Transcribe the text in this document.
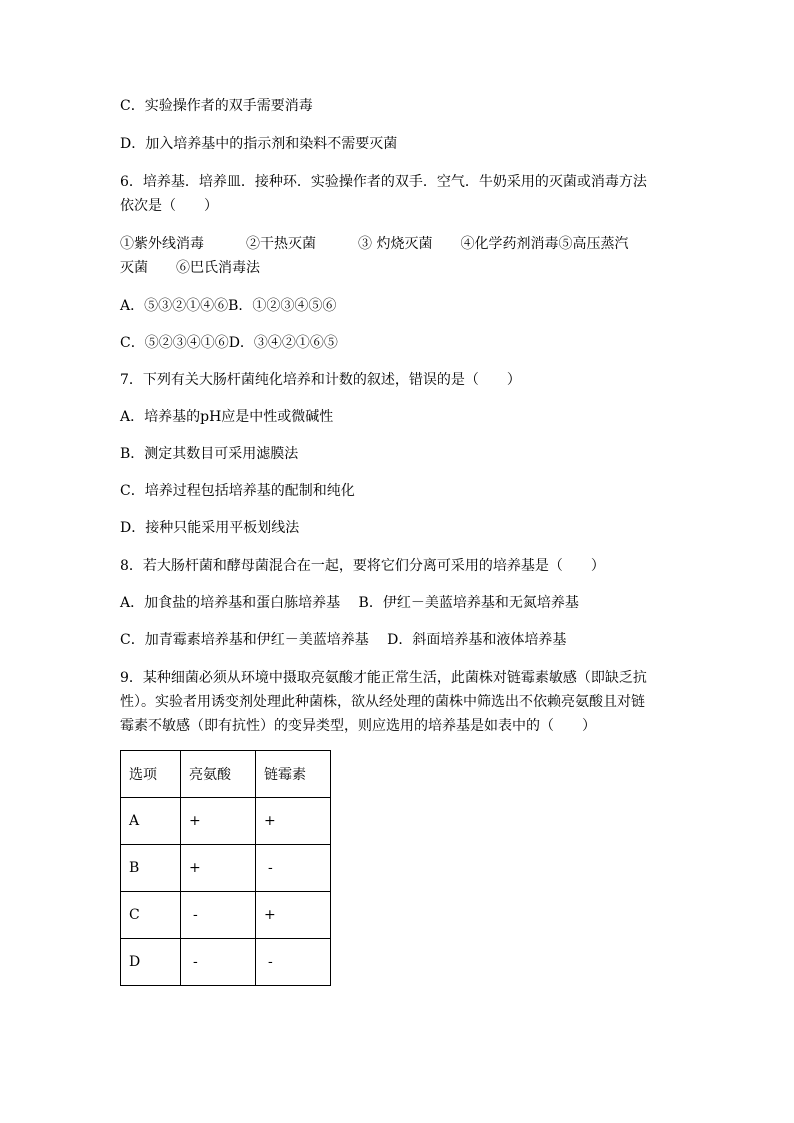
C．实验操作者的双手需要消毒
D．加入培养基中的指示剂和染料不需要灭菌
6．培养基．培养皿．接种环．实验操作者的双手．空气．牛奶采用的灭菌或消毒方法
依次是（　　）
①紫外线消毒　　　②干热灭菌　　　③ 灼烧灭菌　　④化学药剂消毒⑤高压蒸汽
灭菌　　⑥巴氏消毒法
A．⑤③②①④⑥B．①②③④⑤⑥
C．⑤②③④①⑥D．③④②①⑥⑤
7．下列有关大肠杆菌纯化培养和计数的叙述，错误的是（　　）
A．培养基的pH应是中性或微碱性
B．测定其数目可采用滤膜法
C．培养过程包括培养基的配制和纯化
D．接种只能采用平板划线法
8．若大肠杆菌和酵母菌混合在一起，要将它们分离可采用的培养基是（　　）
A．加食盐的培养基和蛋白胨培养基　 B．伊红－美蓝培养基和无氮培养基
C．加青霉素培养基和伊红－美蓝培养基　 D．斜面培养基和液体培养基
9．某种细菌必须从环境中摄取亮氨酸才能正常生活，此菌株对链霉素敏感（即缺乏抗
性）。实验者用诱变剂处理此种菌株，欲从经处理的菌株中筛选出不依赖亮氨酸且对链
霉素不敏感（即有抗性）的变异类型，则应选用的培养基是如表中的（　　）
选项	亮氨酸	链霉素
A	+	+
B	+	-
C	-	+
D	-	-
